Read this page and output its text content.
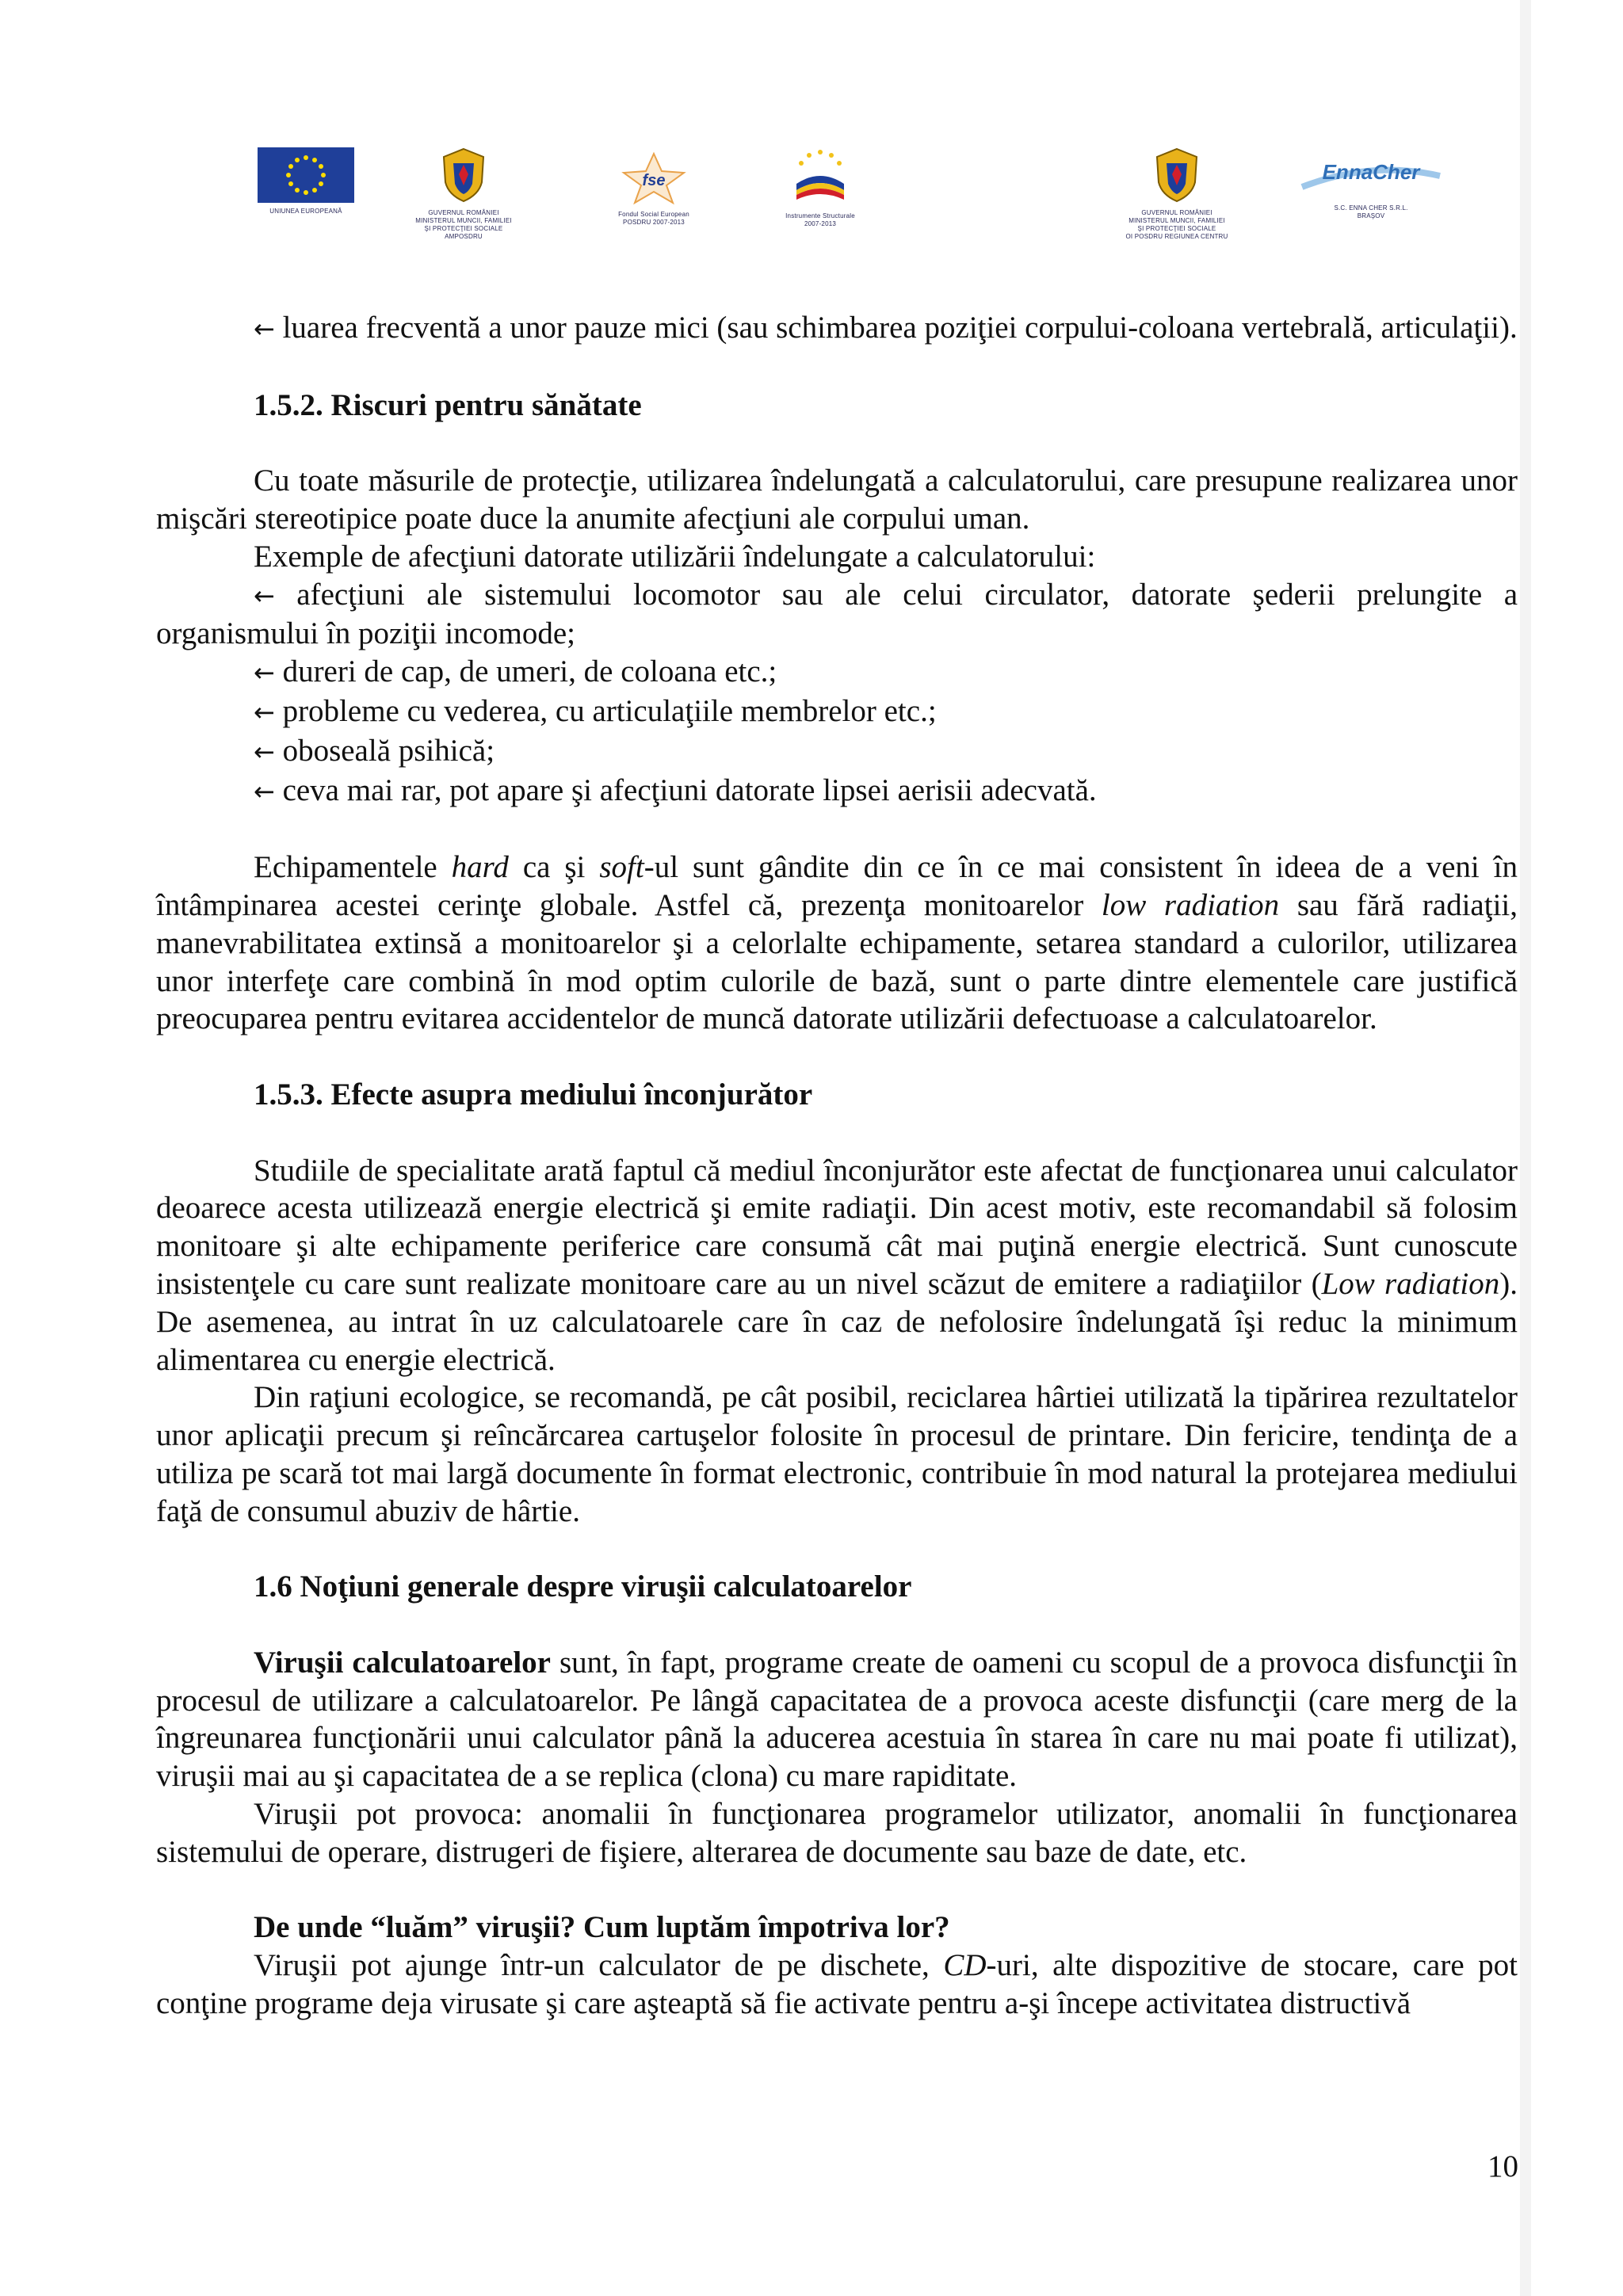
UNIUNEA EUROPEANĂ	GUVERNUL ROMÂNIEI
MINISTERUL MUNCII, FAMILIEI
ŞI PROTECŢIEI SOCIALE
AMPOSDRU
fse
Fondul Social European
POSDRU 2007-2013
Instrumente Structurale
2007-2013
GUVERNUL ROMÂNIEI
MINISTERUL MUNCII, FAMILIEI
ŞI PROTECŢIEI SOCIALE
OI POSDRU REGIUNEA CENTRU
EnnaCher
S.C. ENNA CHER S.R.L.
BRAŞOV

← luarea frecventă a unor pauze mici (sau schimbarea poziţiei corpului-coloana vertebrală, articulaţii).

1.5.2. Riscuri pentru sănătate

Cu toate măsurile de protecţie, utilizarea îndelungată a calculatorului, care presupune realizarea unor mişcări stereotipice poate duce la anumite afecţiuni ale corpului uman.

Exemple de afecţiuni datorate utilizării îndelungate a calculatorului:

← afecţiuni ale sistemului locomotor sau ale celui circulator, datorate şederii prelungite a organismului în poziţii incomode;

← dureri de cap, de umeri, de coloana etc.;

← probleme cu vederea, cu articulaţiile membrelor etc.;

← oboseală psihică;

← ceva mai rar, pot apare şi afecţiuni datorate lipsei aerisii adecvată.

Echipamentele hard ca şi soft-ul sunt gândite din ce în ce mai consistent în ideea de a veni în întâmpinarea acestei cerinţe globale. Astfel că, prezenţa monitoarelor low radiation sau fără radiaţii, manevrabilitatea extinsă a monitoarelor şi a celorlalte echipamente, setarea standard a culorilor, utilizarea unor interfeţe care combină în mod optim culorile de bază, sunt o parte dintre elementele care justifică preocuparea pentru evitarea accidentelor de muncă datorate utilizării defectuoase a calculatoarelor.

1.5.3. Efecte asupra mediului înconjurător

Studiile de specialitate arată faptul că mediul înconjurător este afectat de funcţionarea unui calculator deoarece acesta utilizează energie electrică şi emite radiaţii. Din acest motiv, este recomandabil să folosim monitoare şi alte echipamente periferice care consumă cât mai puţină energie electrică. Sunt cunoscute insistenţele cu care sunt realizate monitoare care au un nivel scăzut de emitere a radiaţiilor (Low radiation). De asemenea, au intrat în uz calculatoarele care în caz de nefolosire îndelungată îşi reduc la minimum alimentarea cu energie electrică.

Din raţiuni ecologice, se recomandă, pe cât posibil, reciclarea hârtiei utilizată la tipărirea rezultatelor unor aplicaţii precum şi reîncărcarea cartuşelor folosite în procesul de printare. Din fericire, tendinţa de a utiliza pe scară tot mai largă documente în format electronic, contribuie în mod natural la protejarea mediului faţă de consumul abuziv de hârtie.

1.6 Noţiuni generale despre viruşii calculatoarelor

Viruşii calculatoarelor sunt, în fapt, programe create de oameni cu scopul de a provoca disfuncţii în procesul de utilizare a calculatoarelor. Pe lângă capacitatea de a provoca aceste disfuncţii (care merg de la îngreunarea funcţionării unui calculator până la aducerea acestuia în starea în care nu mai poate fi utilizat), viruşii mai au şi capacitatea de a se replica (clona) cu mare rapiditate.

Viruşii pot provoca: anomalii în funcţionarea programelor utilizator, anomalii în funcţionarea sistemului de operare, distrugeri de fişiere, alterarea de documente sau baze de date, etc.

De unde “luăm” viruşii? Cum luptăm împotriva lor?

Viruşii pot ajunge într-un calculator de pe dischete, CD-uri, alte dispozitive de stocare, care pot conţine programe deja virusate şi care aşteaptă să fie activate pentru a-şi începe activitatea distructivă

10
